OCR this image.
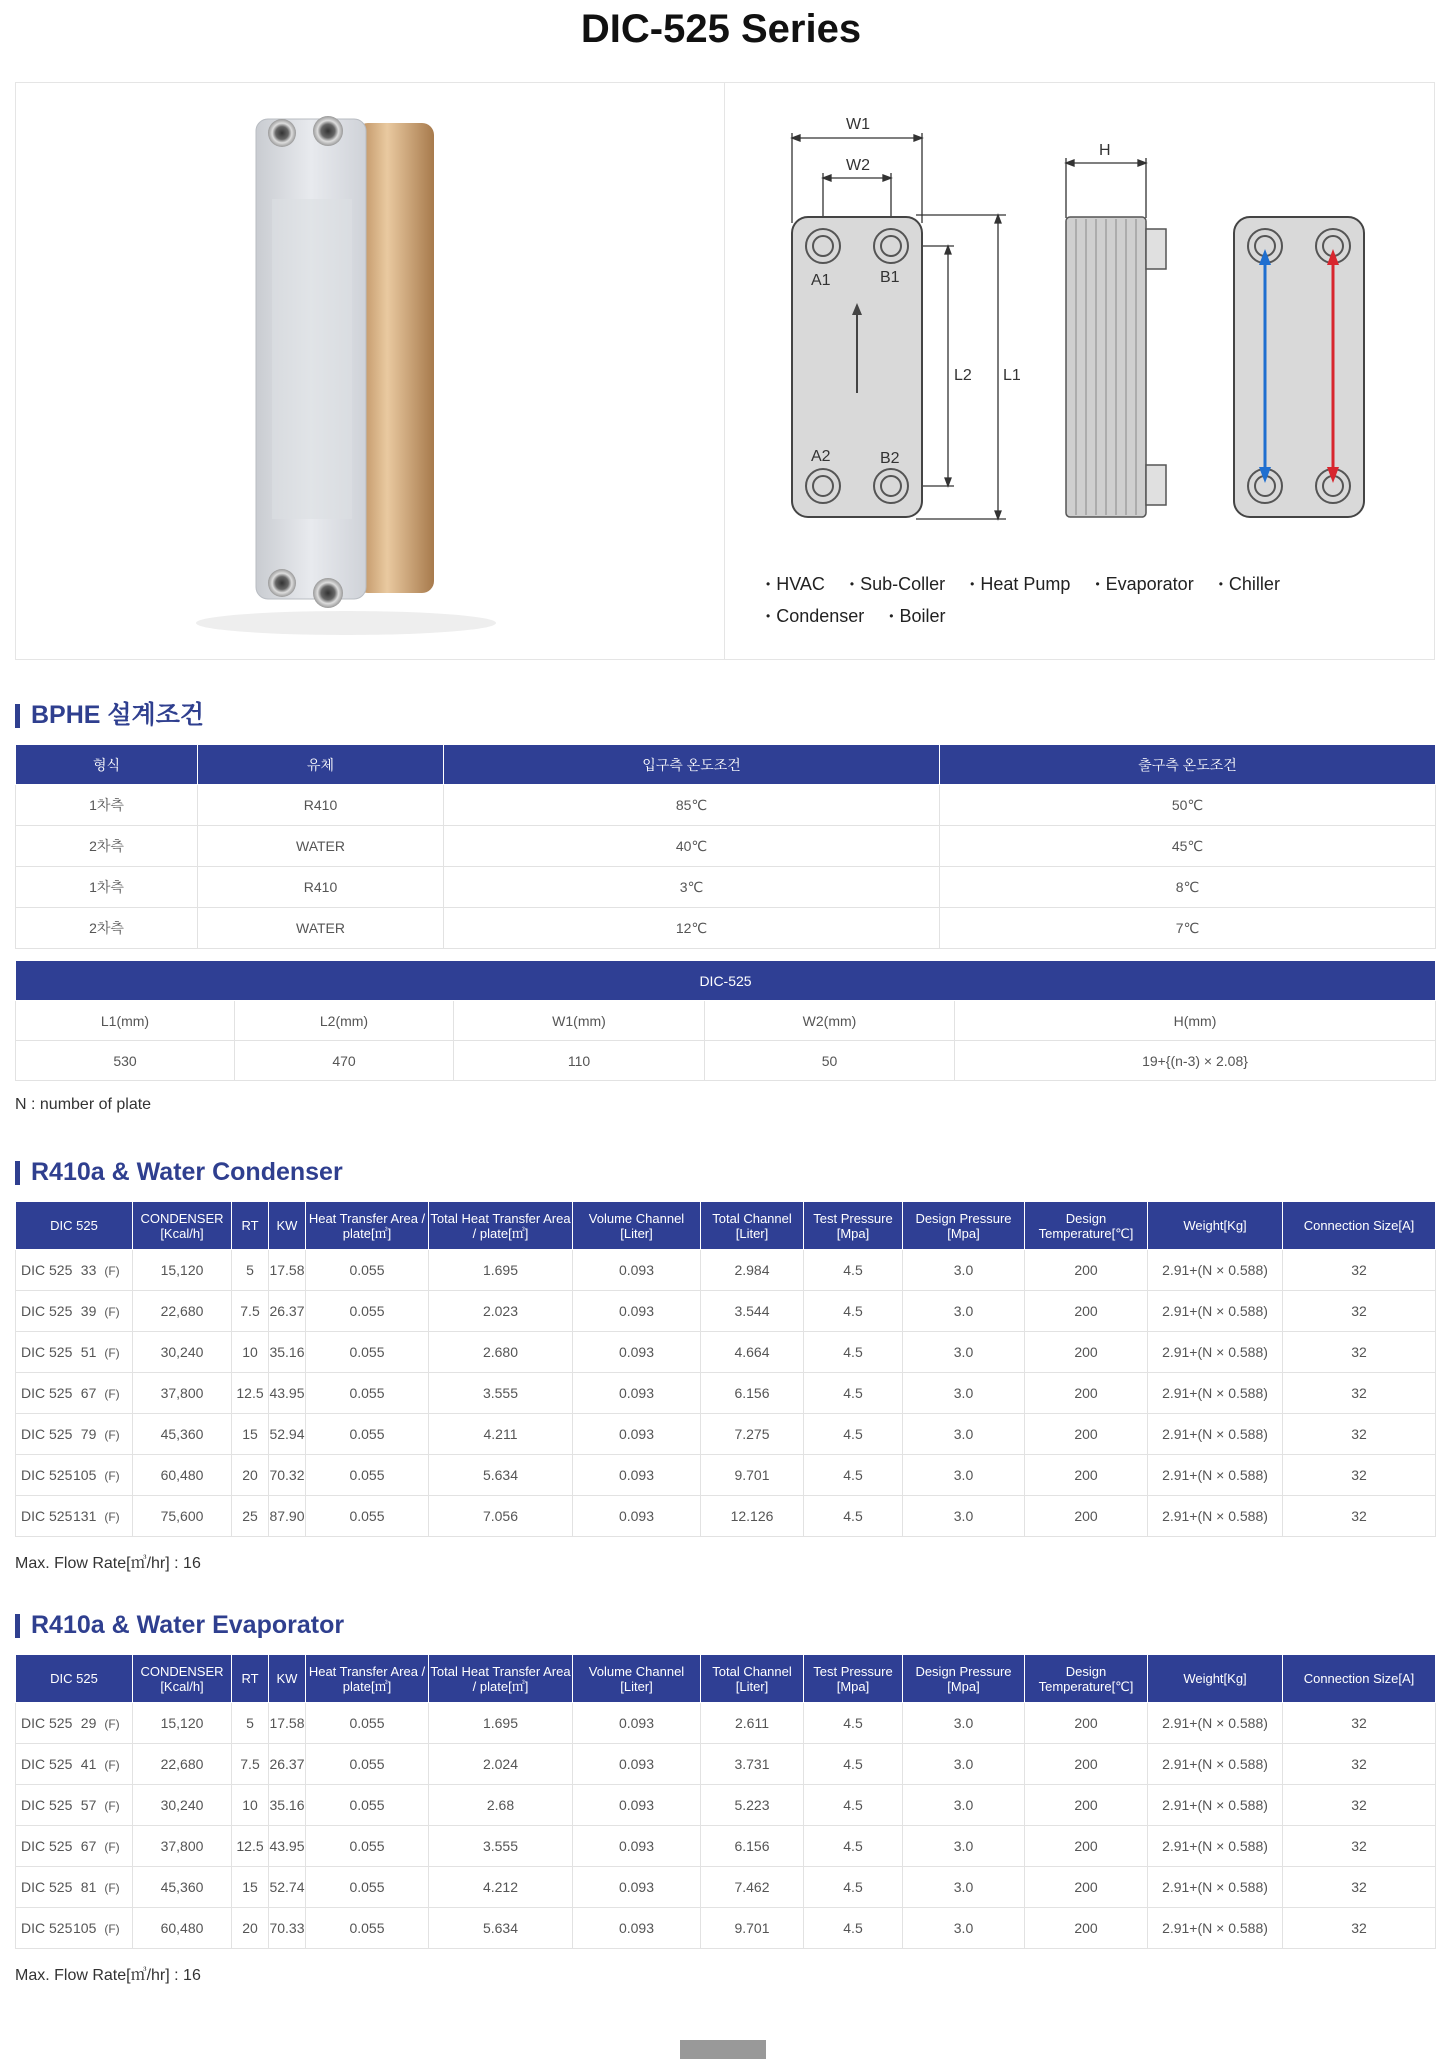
DIC-525 Series
W1
W2
H
A1	B1
A2	B2
L2 L1
• HVAC • Sub-Coller • Heat Pump • Evaporator • Chiller • Condenser • Boiler
BPHE 설계조건
형식	유체	입구측 온도조건	출구측 온도조건
1차측	R410	85℃	50℃
2차측	WATER	40℃	45℃
1차측	R410	3℃	8℃
2차측	WATER	12℃	7℃
DIC-525				
L1(mm)	L2(mm)	W1(mm)	W2(mm)	H(mm)
530	470	110	50	19+{(n-3) × 2.08}

N : number of plate

R410a & Water Condenser
DIC 525	CONDENSER [Kcal/h]	RT	KW	Heat Transfer Area / plate[㎡]	Total Heat Transfer Area / plate[㎡]	Volume Channel [Liter]	Total Channel [Liter]	Test Pressure [Mpa]	Design Pressure [Mpa]	Design Temperature[℃]	Weight[Kg]	Connection Size[A]
DIC 525 33 (F)	15,120	5	17.58	0.055	1.695	0.093	2.984	4.5	3.0	200	2.91+(N × 0.588)	32
DIC 525 39 (F)	22,680	7.5	26.37	0.055	2.023	0.093	3.544	4.5	3.0	200	2.91+(N × 0.588)	32
DIC 525 51 (F)	30,240	10	35.16	0.055	2.680	0.093	4.664	4.5	3.0	200	2.91+(N × 0.588)	32
DIC 525 67 (F)	37,800	12.5	43.95	0.055	3.555	0.093	6.156	4.5	3.0	200	2.91+(N × 0.588)	32
DIC 525 79 (F)	45,360	15	52.94	0.055	4.211	0.093	7.275	4.5	3.0	200	2.91+(N × 0.588)	32
DIC 525105 (F)	60,480	20	70.32	0.055	5.634	0.093	9.701	4.5	3.0	200	2.91+(N × 0.588)	32
DIC 525131 (F)	75,600	25	87.90	0.055	7.056	0.093	12.126	4.5	3.0	200	2.91+(N × 0.588)	32

Max. Flow Rate[㎥/hr] : 16

R410a & Water Evaporator
DIC 525	CONDENSER [Kcal/h]	RT	KW	Heat Transfer Area / plate[㎡]	Total Heat Transfer Area / plate[㎡]	Volume Channel [Liter]	Total Channel [Liter]	Test Pressure [Mpa]	Design Pressure [Mpa]	Design Temperature[℃]	Weight[Kg]	Connection Size[A]
DIC 525 29 (F)	15,120	5	17.58	0.055	1.695	0.093	2.611	4.5	3.0	200	2.91+(N × 0.588)	32
DIC 525 41 (F)	22,680	7.5	26.37	0.055	2.024	0.093	3.731	4.5	3.0	200	2.91+(N × 0.588)	32
DIC 525 57 (F)	30,240	10	35.16	0.055	2.68	0.093	5.223	4.5	3.0	200	2.91+(N × 0.588)	32
DIC 525 67 (F)	37,800	12.5	43.95	0.055	3.555	0.093	6.156	4.5	3.0	200	2.91+(N × 0.588)	32
DIC 525 81 (F)	45,360	15	52.74	0.055	4.212	0.093	7.462	4.5	3.0	200	2.91+(N × 0.588)	32
DIC 525105 (F)	60,480	20	70.33	0.055	5.634	0.093	9.701	4.5	3.0	200	2.91+(N × 0.588)	32

Max. Flow Rate[㎥/hr] : 16
